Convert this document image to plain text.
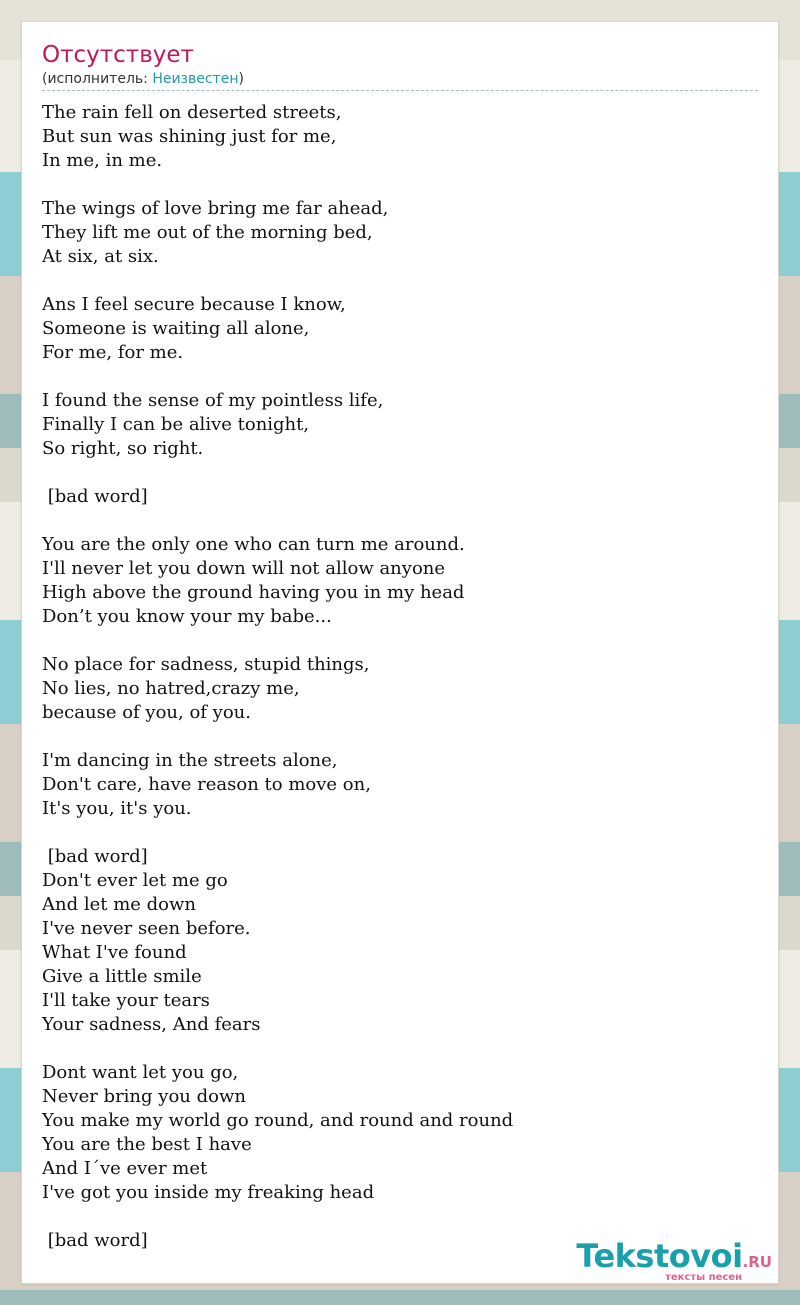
Отсутствует
(исполнитель: Неизвестен)
The rain fell on deserted streets,
But sun was shining just for me,
In me, in me.
The wings of love bring me far ahead,
They lift me out of the morning bed,
At six, at six.
Ans I feel secure because I know,
Someone is waiting all alone,
For me, for me.
I found the sense of my pointless life,
Finally I can be alive tonight,
So right, so right.
[bad word]
You are the only one who can turn me around.
I'll never let you down will not allow anyone
High above the ground having you in my head
Don’t you know your my babe...
No place for sadness, stupid things,
No lies, no hatred,crazy me,
because of you, of you.
I'm dancing in the streets alone,
Don't care, have reason to move on,
It's you, it's you.
[bad word]
Don't ever let me go
And let me down
I've never seen before.
What I've found
Give a little smile
I'll take your tears
Your sadness, And fears
Dont want let you go,
Never bring you down
You make my world go round, and round and round
You are the best I have
And I´ve ever met
I've got you inside my freaking head
[bad word]	Tekstovoi.RU
тексты песен
